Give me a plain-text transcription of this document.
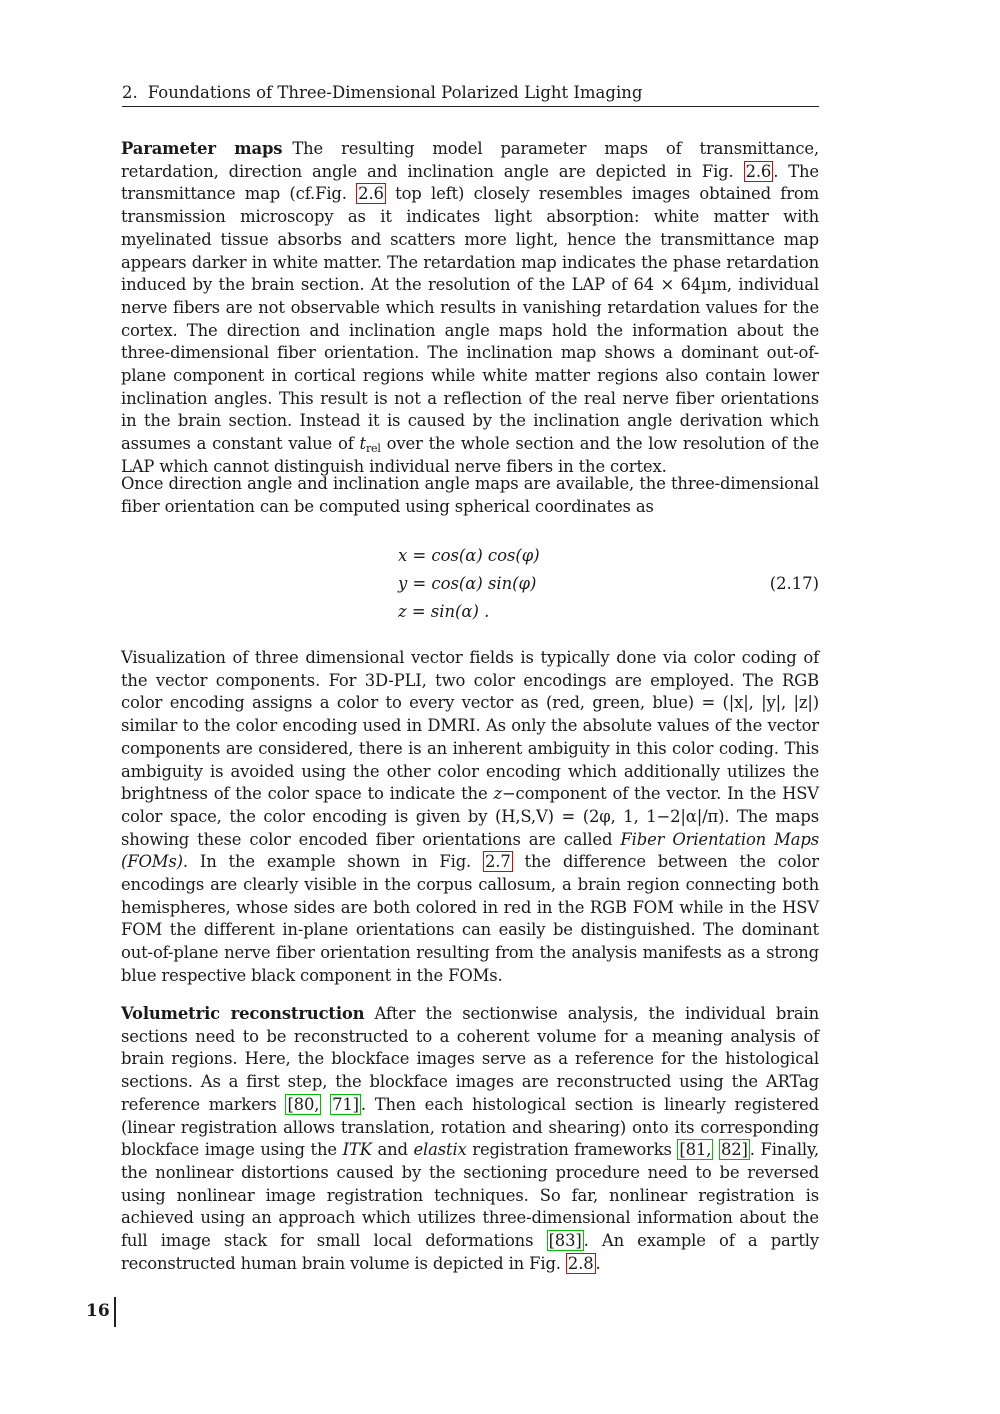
2. Foundations of Three-Dimensional Polarized Light Imaging
Parameter maps The resulting model parameter maps of transmittance, retardation, direction angle and inclination angle are depicted in Fig. 2.6 . The transmittance map (cf.Fig. 2.6 top left) closely resembles images obtained from transmission microscopy as it indicates light absorption: white matter with myelinated tissue absorbs and scatters more light, hence the transmittance map appears darker in white matter. The retardation map indicates the phase retardation induced by the brain section. At the resolution of the LAP of 64 × 64µm, individual nerve fibers are not observable which results in vanishing retardation values for the cortex. The direction and inclination angle maps hold the information about the three-dimensional fiber orientation. The inclination map shows a dominant out-of-plane component in cortical regions while white matter regions also contain lower inclination angles. This result is not a reflection of the real nerve fiber orientations in the brain section. Instead it is caused by the inclination angle derivation which assumes a constant value of $t_{rel}$ over the whole section and the low resolution of the LAP which cannot distinguish individual nerve fibers in the cortex.
Once direction angle and inclination angle maps are available, the three-dimensional fiber orientation can be computed using spherical coordinates as
x = cos(α) cos(φ)
y = cos(α) sin(φ)
z = sin(α) .
(2.17)
Visualization of three dimensional vector fields is typically done via color coding of the vector components. For 3D-PLI, two color encodings are employed. The RGB color encoding assigns a color to every vector as (red, green, blue) = (|x|, |y|, |z|) similar to the color encoding used in DMRI. As only the absolute values of the vector components are considered, there is an inherent ambiguity in this color coding. This ambiguity is avoided using the other color encoding which additionally utilizes the brightness of the color space to indicate the z−component of the vector. In the HSV color space, the color encoding is given by (H,S,V) = (2φ, 1, 1−2|α|/π). The maps showing these color encoded fiber orientations are called Fiber Orientation Maps (FOMs). In the example shown in Fig. 2.7 the difference between the color encodings are clearly visible in the corpus callosum, a brain region connecting both hemispheres, whose sides are both colored in red in the RGB FOM while in the HSV FOM the different in-plane orientations can easily be distinguished. The dominant out-of-plane nerve fiber orientation resulting from the analysis manifests as a strong blue respective black component in the FOMs.
Volumetric reconstruction After the sectionwise analysis, the individual brain sections need to be reconstructed to a coherent volume for a meaning analysis of brain regions. Here, the blockface images serve as a reference for the histological sections. As a first step, the blockface images are reconstructed using the ARTag reference markers [80, 71] . Then each histological section is linearly registered (linear registration allows translation, rotation and shearing) onto its corresponding blockface image using the ITK and elastix registration frameworks [81, 82] . Finally, the nonlinear distortions caused by the sectioning procedure need to be reversed using nonlinear image registration techniques. So far, nonlinear registration is achieved using an approach which utilizes three-dimensional information about the full image stack for small local deformations [83] . An example of a partly reconstructed human brain volume is depicted in Fig. 2.8 .
16
